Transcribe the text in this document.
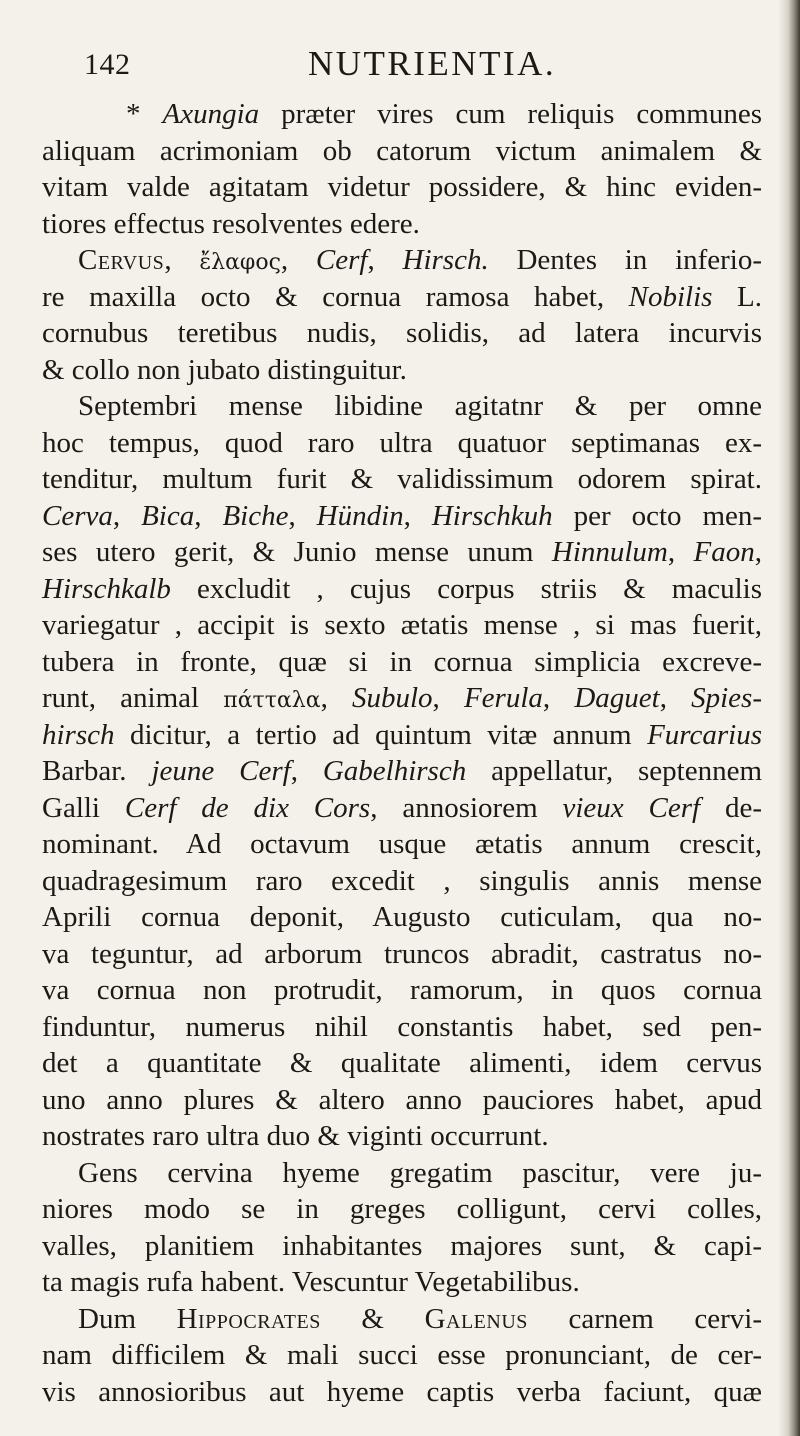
142	NUTRIENTIA.
* Axungia præter vires cum reliquis communes
aliquam acrimoniam ob catorum victum animalem &
vitam valde agitatam videtur possidere, & hinc eviden-
tiores effectus resolventes edere.
Cervus, ἔλαφος, Cerf, Hirsch. Dentes in inferio-
re maxilla octo & cornua ramosa habet, Nobilis L.
cornubus teretibus nudis, solidis, ad latera incurvis
& collo non jubato distinguitur.
Septembri mense libidine agitatnr & per omne
hoc tempus, quod raro ultra quatuor septimanas ex-
tenditur, multum furit & validissimum odorem spirat.
Cerva, Bica, Biche, Hündin, Hirschkuh per octo men-
ses utero gerit, & Junio mense unum Hinnulum, Faon,
Hirschkalb excludit , cujus corpus striis & maculis
variegatur , accipit is sexto ætatis mense , si mas fuerit,
tubera in fronte, quæ si in cornua simplicia excreve-
runt, animal πάτταλα, Subulo, Ferula, Daguet, Spies-
hirsch dicitur, a tertio ad quintum vitæ annum Furcarius
Barbar. jeune Cerf, Gabelhirsch appellatur, septennem
Galli Cerf de dix Cors, annosiorem vieux Cerf de-
nominant. Ad octavum usque ætatis annum crescit,
quadragesimum raro excedit , singulis annis mense
Aprili cornua deponit, Augusto cuticulam, qua no-
va teguntur, ad arborum truncos abradit, castratus no-
va cornua non protrudit, ramorum, in quos cornua
finduntur, numerus nihil constantis habet, sed pen-
det a quantitate & qualitate alimenti, idem cervus
uno anno plures & altero anno pauciores habet, apud
nostrates raro ultra duo & viginti occurrunt.
Gens cervina hyeme gregatim pascitur, vere ju-
niores modo se in greges colligunt, cervi colles,
valles, planitiem inhabitantes majores sunt, & capi-
ta magis rufa habent. Vescuntur Vegetabilibus.
Dum Hippocrates & Galenus carnem cervi-
nam difficilem & mali succi esse pronunciant, de cer-
vis annosioribus aut hyeme captis verba faciunt, quæ
